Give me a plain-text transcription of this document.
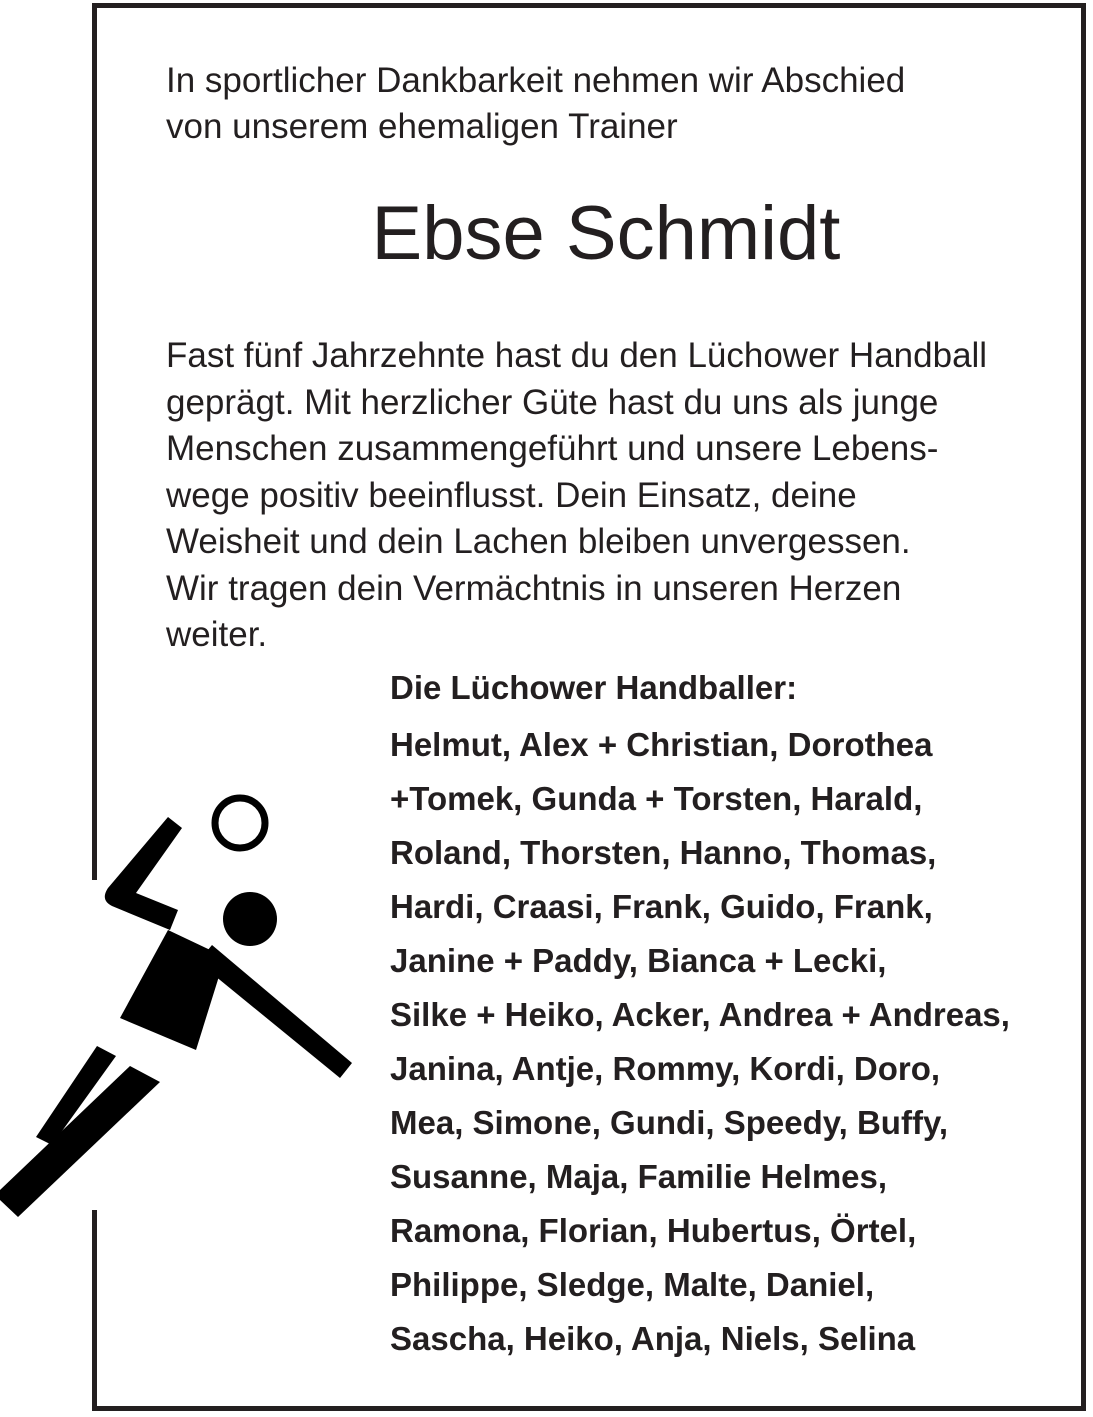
In sportlicher Dankbarkeit nehmen wir Abschied
von unserem ehemaligen Trainer

Ebse Schmidt

Fast fünf Jahrzehnte hast du den Lüchower Handball
geprägt. Mit herzlicher Güte hast du uns als junge
Menschen zusammengeführt und unsere Lebens-
wege positiv beeinflusst. Dein Einsatz, deine
Weisheit und dein Lachen bleiben unvergessen.
Wir tragen dein Vermächtnis in unseren Herzen
weiter.

Die Lüchower Handballer:

Helmut, Alex + Christian, Dorothea
+Tomek, Gunda + Torsten, Harald,
Roland, Thorsten, Hanno, Thomas,
Hardi, Craasi, Frank, Guido, Frank,
Janine + Paddy, Bianca + Lecki,
Silke + Heiko, Acker, Andrea + Andreas,
Janina, Antje, Rommy, Kordi, Doro,
Mea, Simone, Gundi, Speedy, Buffy,
Susanne, Maja, Familie Helmes,
Ramona, Florian, Hubertus, Örtel,
Philippe, Sledge, Malte, Daniel,
Sascha, Heiko, Anja, Niels, Selina
